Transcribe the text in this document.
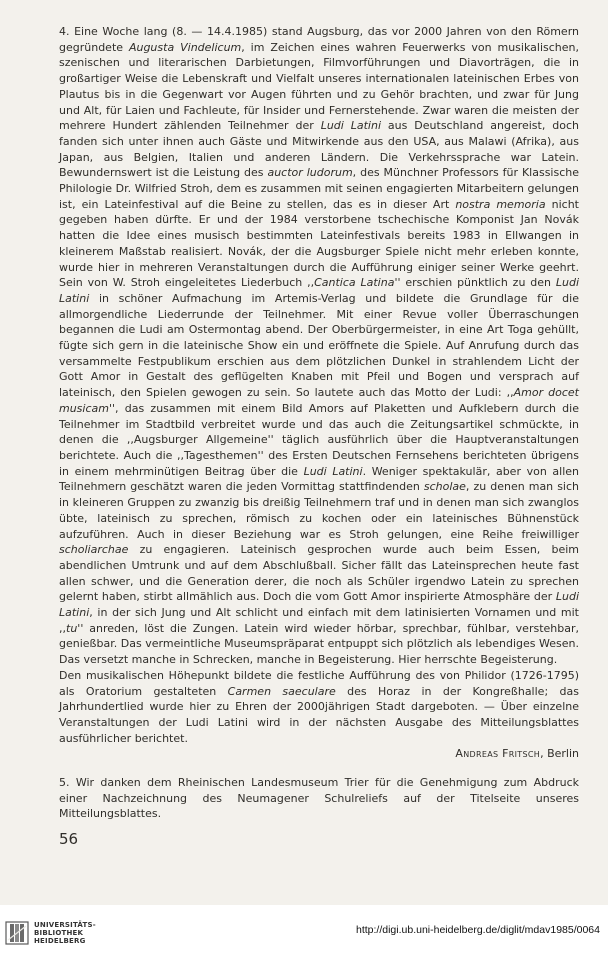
4. Eine Woche lang (8. — 14.4.1985) stand Augsburg, das vor 2000 Jahren von den Römern gegründete Augusta Vindelicum, im Zeichen eines wahren Feuerwerks von musikalischen, szenischen und literarischen Darbietungen, Filmvorführungen und Diavorträgen, die in großartiger Weise die Lebenskraft und Vielfalt unseres internationalen lateinischen Erbes von Plautus bis in die Gegenwart vor Augen führten und zu Gehör brachten, und zwar für Jung und Alt, für Laien und Fachleute, für Insider und Fernerstehende. Zwar waren die meisten der mehrere Hundert zählenden Teilnehmer der Ludi Latini aus Deutschland angereist, doch fanden sich unter ihnen auch Gäste und Mitwirkende aus den USA, aus Malawi (Afrika), aus Japan, aus Belgien, Italien und anderen Ländern. Die Verkehrssprache war Latein. Bewundernswert ist die Leistung des auctor ludorum, des Münchner Professors für Klassische Philologie Dr. Wilfried Stroh, dem es zusammen mit seinen engagierten Mitarbeitern gelungen ist, ein Lateinfestival auf die Beine zu stellen, das es in dieser Art nostra memoria nicht gegeben haben dürfte. Er und der 1984 verstorbene tschechische Komponist Jan Novák hatten die Idee eines musisch bestimmten Lateinfestivals bereits 1983 in Ellwangen in kleinerem Maßstab realisiert. Novák, der die Augsburger Spiele nicht mehr erleben konnte, wurde hier in mehreren Veranstaltungen durch die Aufführung einiger seiner Werke geehrt. Sein von W. Stroh eingeleitetes Liederbuch ,,Cantica Latina'' erschien pünktlich zu den Ludi Latini in schöner Aufmachung im Artemis-Verlag und bildete die Grundlage für die allmorgendliche Liederrunde der Teilnehmer. Mit einer Revue voller Überraschungen begannen die Ludi am Ostermontag abend. Der Oberbürgermeister, in eine Art Toga gehüllt, fügte sich gern in die lateinische Show ein und eröffnete die Spiele. Auf Anrufung durch das versammelte Festpublikum erschien aus dem plötzlichen Dunkel in strahlendem Licht der Gott Amor in Gestalt des geflügelten Knaben mit Pfeil und Bogen und versprach auf lateinisch, den Spielen gewogen zu sein. So lautete auch das Motto der Ludi: ,,Amor docet musicam'', das zusammen mit einem Bild Amors auf Plaketten und Aufklebern durch die Teilnehmer im Stadtbild verbreitet wurde und das auch die Zeitungsartikel schmückte, in denen die ,,Augsburger Allgemeine'' täglich ausführlich über die Hauptveranstaltungen berichtete. Auch die ,,Tagesthemen'' des Ersten Deutschen Fernsehens berichteten übrigens in einem mehrminütigen Beitrag über die Ludi Latini. Weniger spektakulär, aber von allen Teilnehmern geschätzt waren die jeden Vormittag stattfindenden scholae, zu denen man sich in kleineren Gruppen zu zwanzig bis dreißig Teilnehmern traf und in denen man sich zwanglos übte, lateinisch zu sprechen, römisch zu kochen oder ein lateinisches Bühnenstück aufzuführen. Auch in dieser Beziehung war es Stroh gelungen, eine Reihe freiwilliger scholiarchae zu engagieren. Lateinisch gesprochen wurde auch beim Essen, beim abendlichen Umtrunk und auf dem Abschlußball. Sicher fällt das Lateinsprechen heute fast allen schwer, und die Generation derer, die noch als Schüler irgendwo Latein zu sprechen gelernt haben, stirbt allmählich aus. Doch die vom Gott Amor inspirierte Atmosphäre der Ludi Latini, in der sich Jung und Alt schlicht und einfach mit dem latinisierten Vornamen und mit ,,tu'' anreden, löst die Zungen. Latein wird wieder hörbar, sprechbar, fühlbar, verstehbar, genießbar. Das vermeintliche Museumspräparat entpuppt sich plötzlich als lebendiges Wesen. Das versetzt manche in Schrecken, manche in Begeisterung. Hier herrschte Begeisterung.

Den musikalischen Höhepunkt bildete die festliche Aufführung des von Philidor (1726-1795) als Oratorium gestalteten Carmen saeculare des Horaz in der Kongreßhalle; das Jahrhundertlied wurde hier zu Ehren der 2000jährigen Stadt dargeboten. — Über einzelne Veranstaltungen der Ludi Latini wird in der nächsten Ausgabe des Mitteilungsblattes ausführlicher berichtet.

Andreas Fritsch, Berlin

5. Wir danken dem Rheinischen Landesmuseum Trier für die Genehmigung zum Abdruck einer Nachzeichnung des Neumagener Schulreliefs auf der Titelseite unseres Mitteilungsblattes.

56
UNIVERSITÄTS-
BIBLIOTHEK
HEIDELBERG
http://digi.ub.uni-heidelberg.de/diglit/mdav1985/0064
